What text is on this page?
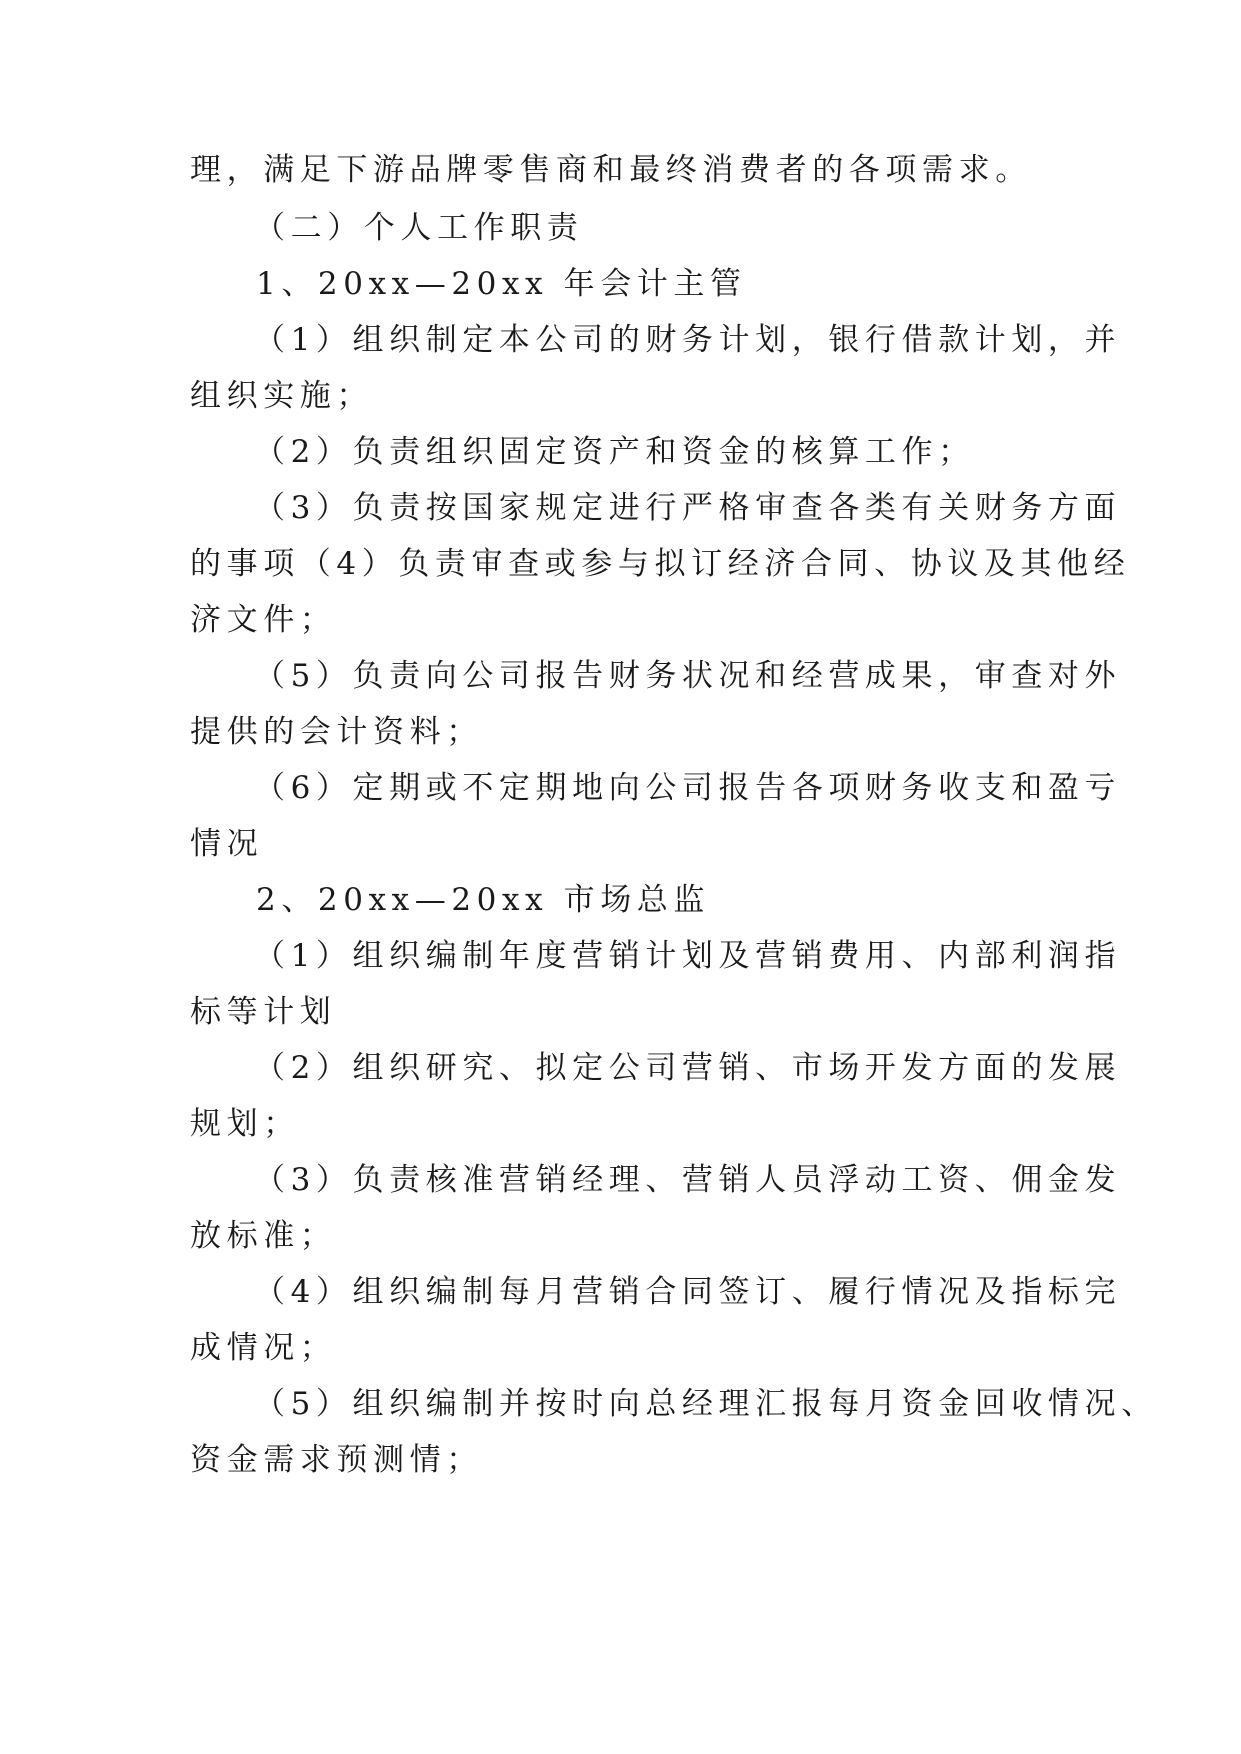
理，满足下游品牌零售商和最终消费者的各项需求。
（二）个人工作职责
1、20xx—20xx 年会计主管
（1）组织制定本公司的财务计划，银行借款计划，并
组织实施；
（2）负责组织固定资产和资金的核算工作；
（3）负责按国家规定进行严格审查各类有关财务方面
的事项（4）负责审查或参与拟订经济合同、协议及其他经
济文件；
（5）负责向公司报告财务状况和经营成果，审查对外
提供的会计资料；
（6）定期或不定期地向公司报告各项财务收支和盈亏
情况
2、20xx—20xx 市场总监
（1）组织编制年度营销计划及营销费用、内部利润指
标等计划
（2）组织研究、拟定公司营销、市场开发方面的发展
规划；
（3）负责核准营销经理、营销人员浮动工资、佣金发
放标准；
（4）组织编制每月营销合同签订、履行情况及指标完
成情况；
（5）组织编制并按时向总经理汇报每月资金回收情况、
资金需求预测情；
